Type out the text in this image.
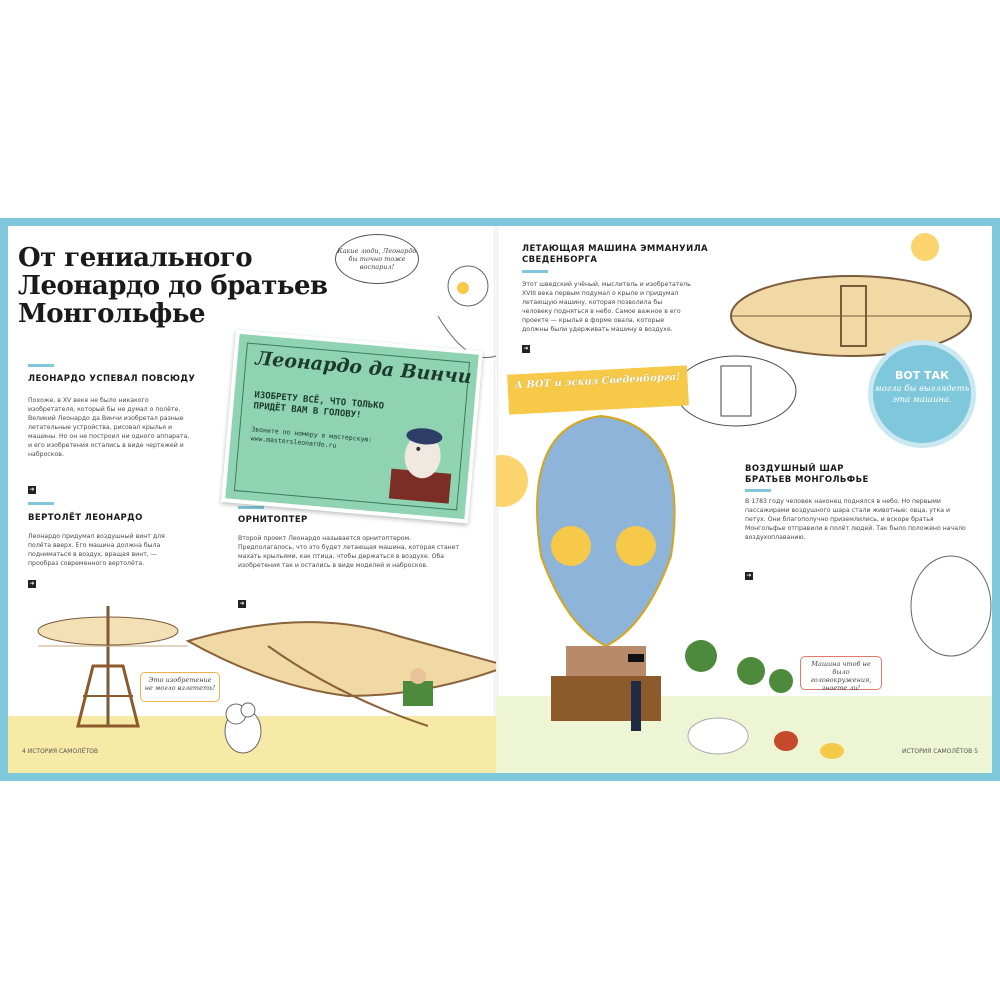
От гениального Леонардо до братьев Монгольфье
ЛЕОНАРДО УСПЕВАЛ ПОВСЮДУ
Похоже, в XV веке не было никакого изобретателя, который бы не думал о полёте. Великий Леонардо да Винчи изобретал разные летательные устройства, рисовал крылья и машины. Но он не построил ни одного аппарата, и его изобретения остались в виде чертежей и набросков.
➜
ВЕРТОЛЁТ ЛЕОНАРДО
Леонардо придумал воздушный винт для полёта вверх. Его машина должна была подниматься в воздух, вращая винт, — прообраз современного вертолёта.
➜
ОРНИТОПТЕР
Второй проект Леонардо называется орнитоптером. Предполагалось, что это будет летающая машина, которая станет махать крыльями, как птица, чтобы держаться в воздухе. Оба изобретения так и остались в виде моделей и набросков.
➜
Леонардо да Винчи
ИЗОБРЕТУ ВСЁ, ЧТО ТОЛЬКО ПРИДЁТ ВАМ В ГОЛОВУ!
Звоните по номеру в мастерскую: www.mastersleonardo.ru
Какие люди, Леонардо бы точно тоже воспарил!
Это изобретение не могло взлететь!
Машина чтоб не было головокружения, знаете ли!
ЛЕТАЮЩАЯ МАШИНА ЭММАНУИЛА СВЕДЕНБОРГА
Этот шведский учёный, мыслитель и изобретатель XVIII века первым подумал о крыле и придумал летающую машину, которая позволила бы человеку подняться в небо. Самое важное в его проекте — крылья в форме овала, которые должны были удерживать машину в воздухе.
➜
ВОЗДУШНЫЙ ШАР БРАТЬЕВ МОНГОЛЬФЬЕ
В 1783 году человек наконец поднялся в небо. Но первыми пассажирами воздушного шара стали животные: овца, утка и петух. Они благополучно приземлились, и вскоре братья Монгольфье отправили в полёт людей. Так было положено начало воздухоплаванию.
➜
А ВОТ и эскиз Сведенборга!	ВОТ ТАК
могла бы выглядеть эта машина.
4 ИСТОРИЯ САМОЛЁТОВ	ИСТОРИЯ САМОЛЁТОВ 5
